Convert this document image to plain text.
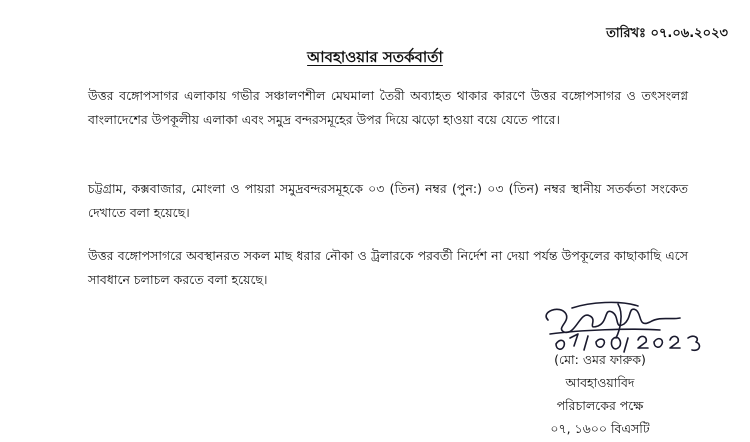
তারিখঃ ০৭.০৬.২০২৩
আবহাওয়ার সতর্কবার্তা
উত্তর বঙ্গোপসাগর এলাকায় গভীর সঞ্চালণশীল মেঘমালা তৈরী অব্যাহত থাকার কারণে উত্তর বঙ্গোপসাগর ও তৎসংলগ্ন বাংলাদেশের উপকূলীয় এলাকা এবং সমুদ্র বন্দরসমূহের উপর দিয়ে ঝড়ো হাওয়া বয়ে যেতে পারে।
চট্টগ্রাম, কক্সবাজার, মোংলা ও পায়রা সমুদ্রবন্দরসমূহকে ০৩ (তিন) নম্বর (পুন:) ০৩ (তিন) নম্বর স্থানীয় সতর্কতা সংকেত দেখাতে বলা হয়েছে।
উত্তর বঙ্গোপসাগরে অবস্থানরত সকল মাছ ধরার নৌকা ও ট্রলারকে পরবর্তী নির্দেশ না দেয়া পর্যন্ত উপকূলের কাছাকাছি এসে সাবধানে চলাচল করতে বলা হয়েছে।
(মো: ওমর ফারুক)
আবহাওয়াবিদ
পরিচালকের পক্ষে
০৭, ১৬০০ বিএসটি
